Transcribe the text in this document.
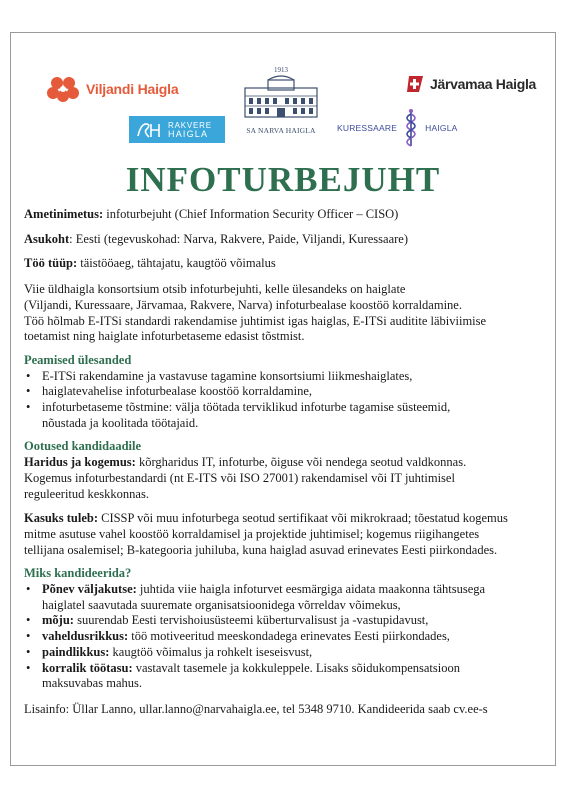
Viljandi Haigla
1913
SA NARVA HAIGLA
Järvamaa Haigla
RAKVERE
HAIGLA
KURESSAARE	HAIGLA
INFOTURBEJUHT

Ametinimetus: infoturbejuht (Chief Information Security Officer – CISO)

Asukoht: Eesti (tegevuskohad: Narva, Rakvere, Paide, Viljandi, Kuressaare)

Töö tüüp: täistööaeg, tähtajatu, kaugtöö võimalus

Viie üldhaigla konsortsium otsib infoturbejuhti, kelle ülesandeks on haiglate

(Viljandi, Kuressaare, Järvamaa, Rakvere, Narva) infoturbealase koostöö korraldamine.

Töö hõlmab E-ITSi standardi rakendamise juhtimist igas haiglas, E-ITSi auditite läbiviimise

toetamist ning haiglate infoturbetaseme edasist tõstmist.

Peamised ülesanded
• E-ITSi rakendamine ja vastavuse tagamine konsortsiumi liikmeshaiglates,
• haiglatevahelise infoturbealase koostöö korraldamine,
• infoturbetaseme tõstmine: välja töötada terviklikud infoturbe tagamise süsteemid,
nõustada ja koolitada töötajaid.
Ootused kandidaadile

Haridus ja kogemus: kõrgharidus IT, infoturbe, õiguse või nendega seotud valdkonnas.

Kogemus infoturbestandardi (nt E-ITS või ISO 27001) rakendamisel või IT juhtimisel

reguleeritud keskkonnas.

Kasuks tuleb: CISSP või muu infoturbega seotud sertifikaat või mikrokraad; tõestatud kogemus

mitme asutuse vahel koostöö korraldamisel ja projektide juhtimisel; kogemus riigihangetes

tellijana osalemisel; B-kategooria juhiluba, kuna haiglad asuvad erinevates Eesti piirkondades.

Miks kandideerida?
• Põnev väljakutse: juhtida viie haigla infoturvet eesmärgiga aidata maakonna tähtsusega
haiglatel saavutada suuremate organisatsioonidega võrreldav võimekus,
• mõju: suurendab Eesti tervishoiusüsteemi küberturvalisust ja -vastupidavust,
• vaheldusrikkus: töö motiveeritud meeskondadega erinevates Eesti piirkondades,
• paindlikkus: kaugtöö võimalus ja rohkelt iseseisvust,
• korralik töötasu: vastavalt tasemele ja kokkuleppele. Lisaks sõidukompensatsioon
maksuvabas mahus.

Lisainfo: Üllar Lanno, ullar.lanno@narvahaigla.ee, tel 5348 9710. Kandideerida saab cv.ee-s
